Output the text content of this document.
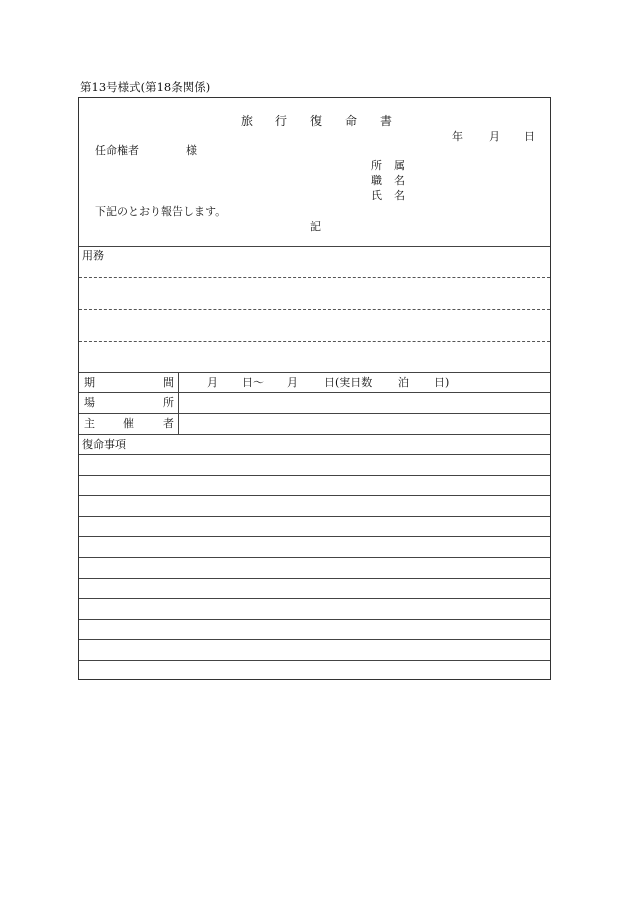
第13号様式(第18条関係)
旅 行 復 命 書
年 月 日
任命権者	様
所 属
職 名
氏 名
下記のとおり報告します。
記
用務
期	間	月 日〜 月 日(実日数 泊 日)
場	所
主	催	者
復命事項
